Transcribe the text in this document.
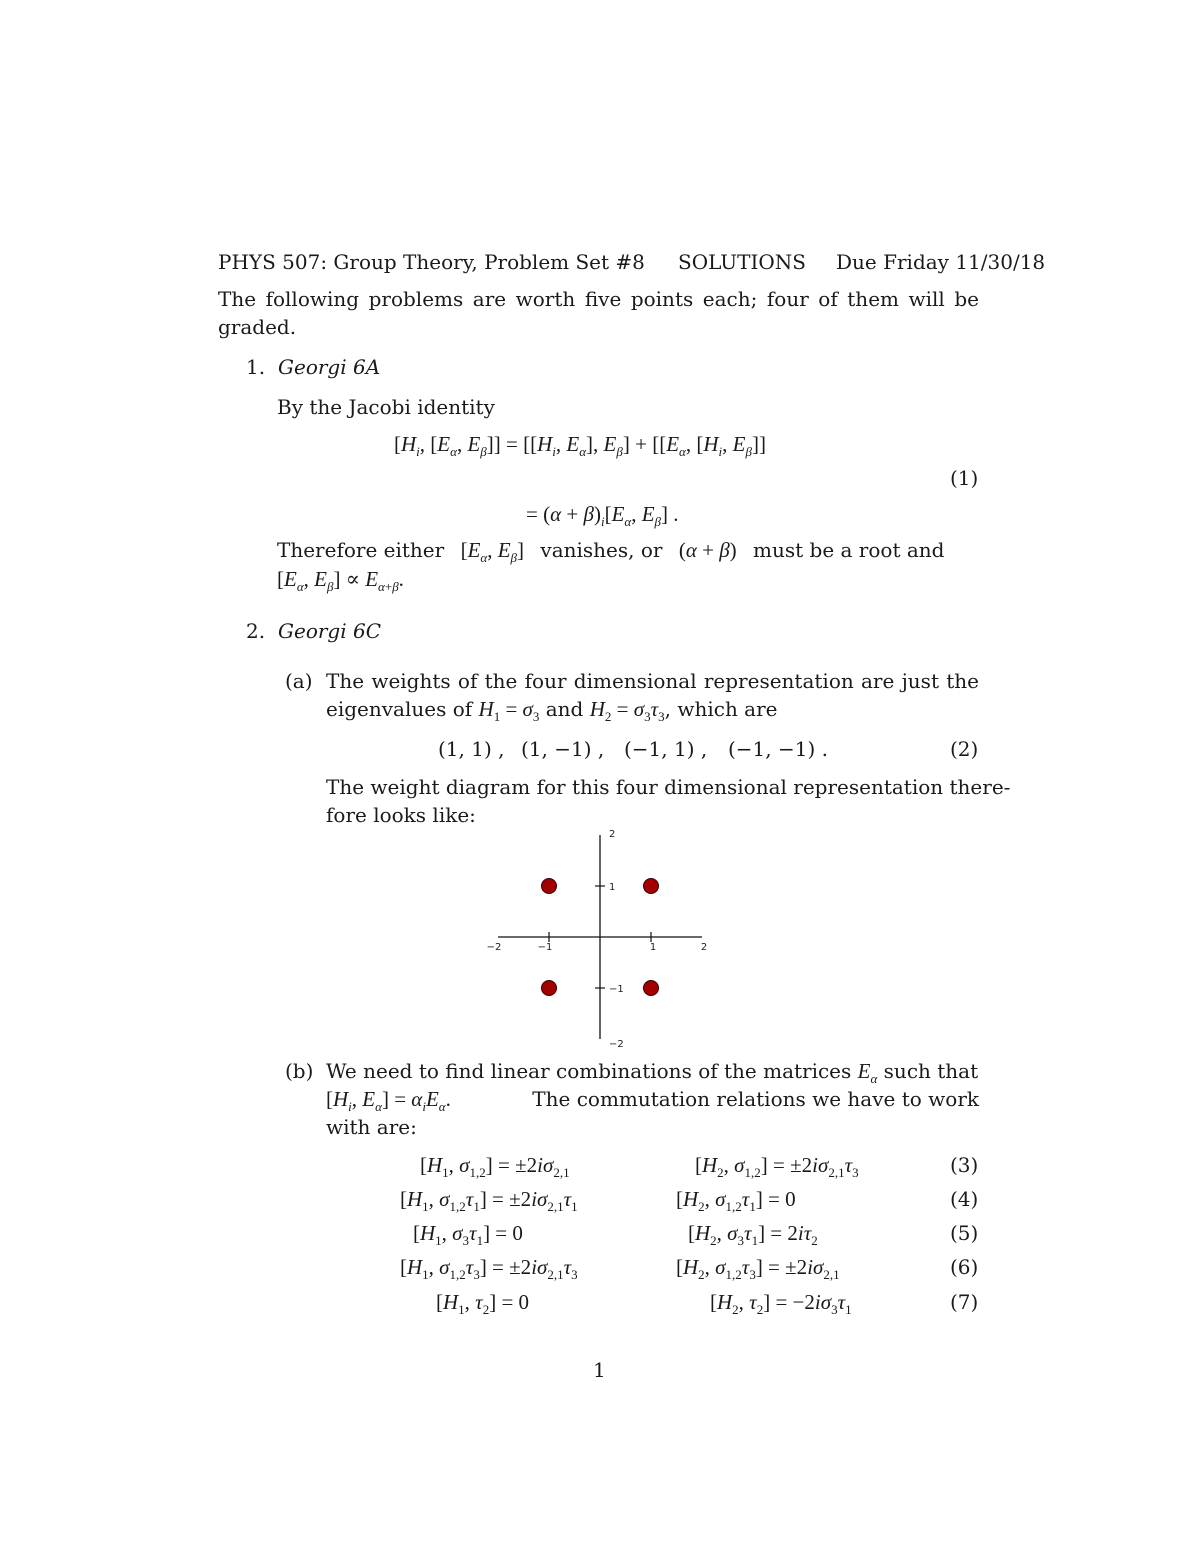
PHYS 507: Group Theory, Problem Set #8 SOLUTIONS Due Friday 11/30/18
The following problems are worth five points each; four of them will be
graded.
1. Georgi 6A
By the Jacobi identity
[$H_i$, [$E_\alpha$, $E_\beta]] = [[H_i$, $E_\alpha$], $E_\beta] + [[E_\alpha$, [$H_i$, $E_\beta$]]
(1)
= $(\alpha + \beta)_i[E_\alpha$, $E_\beta$] .
Therefore either [$E_\alpha$, $E_\beta$] vanishes, or (α + β) must be a root and
[$E_\alpha$, $E_\beta] \propto E_{\alpha+\beta}$.
2. Georgi 6C
(a) The weights of the four dimensional representation are just the
eigenvalues of $H_1 = \sigma_3$ and $H_2 = \sigma_3\tau_3$, which are
(1, 1) , (1, −1) , (−1, 1) , (−1, −1) .	(2)
The weight diagram for this four dimensional representation there-
fore looks like:
−2	−1	1	2
2
1
−1
−2
(b) We need to find linear combinations of the matrices $E_\alpha$ such that
[$H_i$, $E_\alpha] = \alpha_iE_\alpha$.	The commutation relations we have to work
with are:
[$H_1$, $\sigma_{1,2}] = \pm 2i\sigma_{2,1}$	[$H_2$, $\sigma_{1,2}] = \pm 2i\sigma_{2,1}\tau_3$	(3)
[$H_1$, $\sigma_{1,2}\tau_1] = \pm 2i\sigma_{2,1}\tau_1$	[$H_2$, $\sigma_{1,2}\tau_1] = 0$	(4)
[$H_1$, $\sigma_3\tau_1] = 0$	[$H_2$, $\sigma_3\tau_1] = 2i\tau_2$	(5)
[$H_1$, $\sigma_{1,2}\tau_3] = \pm 2i\sigma_{2,1}\tau_3$	[$H_2$, $\sigma_{1,2}\tau_3] = \pm 2i\sigma_{2,1}$	(6)
[$H_1$, $\tau_2] = 0$	[$H_2$, $\tau_2] = -2i\sigma_3\tau_1$	(7)
1
